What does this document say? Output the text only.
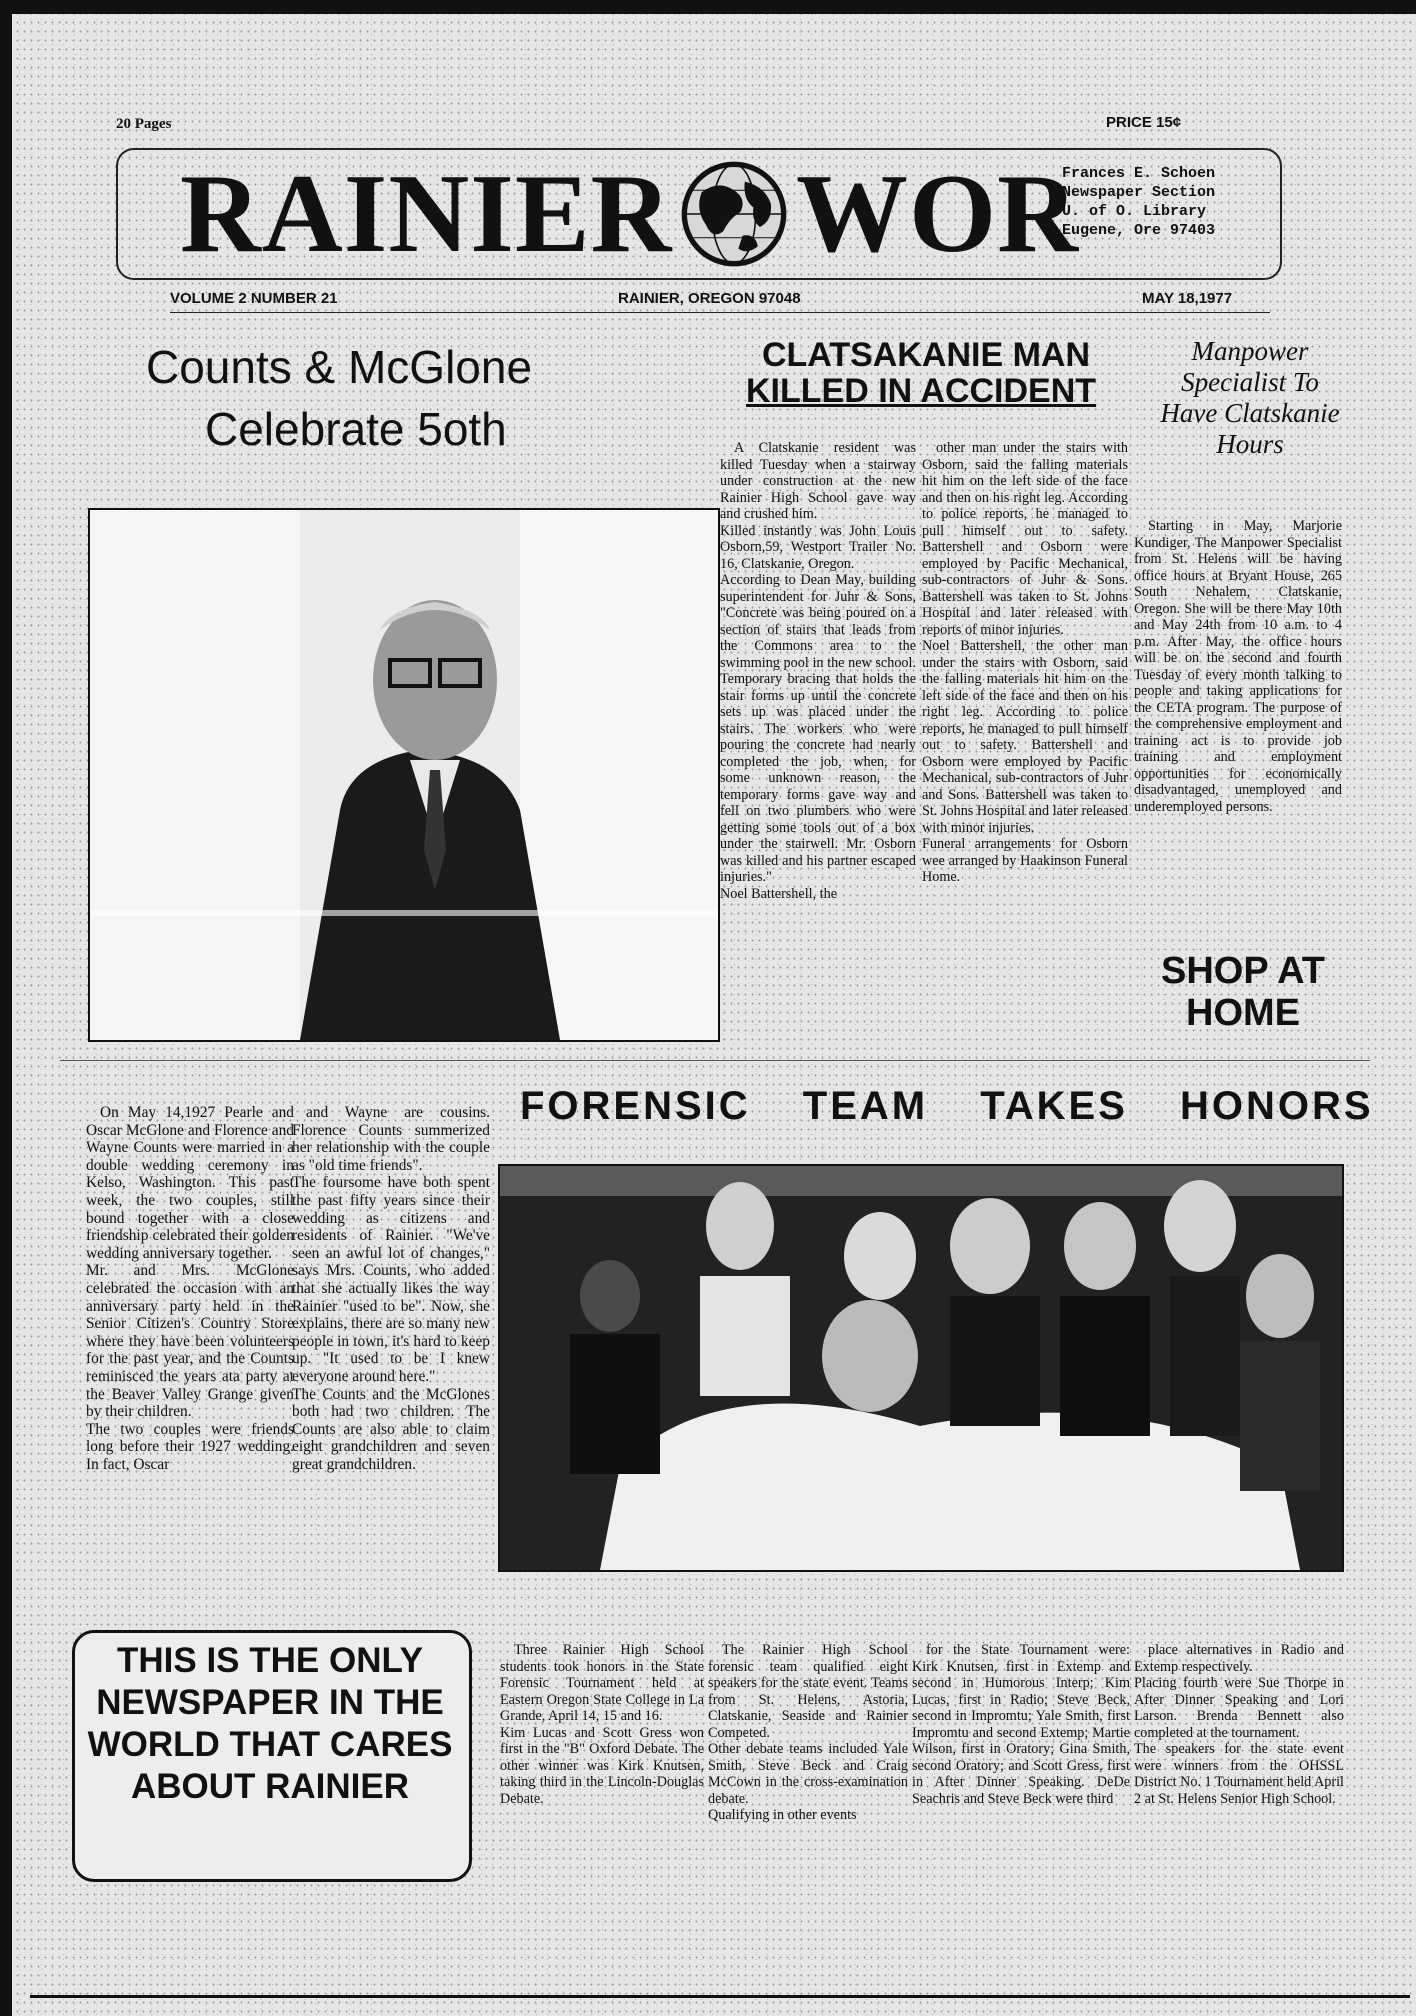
20 Pages	PRICE 15¢
RAINIER WOR
Frances E. Schoen
Newspaper Section
U. of O. Library
Eugene, Ore 97403
VOLUME 2 NUMBER 21	RAINIER, OREGON 97048	MAY 18,1977
Counts & McGlone
Celebrate 5oth

On May 14,1927 Pearle and Oscar McGlone and Florence and Wayne Counts were married in a double wedding ceremony in Kelso, Washington. This past week, the two couples, still bound together with a close friendship celebrated their golden wedding anniversary together.
Mr. and Mrs. McGlone celebrated the occasion with an anniversary party held in the Senior Citizen's Country Store where they have been volunteers for the past year, and the Counts reminisced the years ata party at the Beaver Valley Grange given by their children.
The two couples were friends long before their 1927 wedding. In fact, Oscar

and Wayne are cousins. Florence Counts summerized her relationship with the couple as "old time friends".
The foursome have both spent the past fifty years since their wedding as citizens and residents of Rainier. "We've seen an awful lot of changes," says Mrs. Counts, who added that she actually likes the way Rainier "used to be". Now, she explains, there are so many new people in town, it's hard to keep up. "It used to be I knew everyone around here."
The Counts and the McGlones both had two children. The Counts are also able to claim eight grandchildren and seven great grandchildren.

CLATSAKANIE MAN
KILLED IN ACCIDENT

A Clatskanie resident was killed Tuesday when a stairway under construction at the new Rainier High School gave way and crushed him.
Killed instantly was John Louis Osborn,59, Westport Trailer No. 16, Clatskanie, Oregon.
According to Dean May, building superintendent for Juhr & Sons, "Concrete was being poured on a section of stairs that leads from the Commons area to the swimming pool in the new school. Temporary bracing that holds the stair forms up until the concrete sets up was placed under the stairs. The workers who were pouring the concrete had nearly completed the job, when, for some unknown reason, the temporary forms gave way and fell on two plumbers who were getting some tools out of a box under the stairwell. Mr. Osborn was killed and his partner escaped injuries."
Noel Battershell, the

other man under the stairs with Osborn, said the falling materials hit him on the left side of the face and then on his right leg. According to police reports, he managed to pull himself out to safety. Battershell and Osborn were employed by Pacific Mechanical, sub-contractors of Juhr & Sons. Battershell was taken to St. Johns Hospital and later released with reports of minor injuries.
Noel Battershell, the other man under the stairs with Osborn, said the falling materials hit him on the left side of the face and then on his right leg. According to police reports, he managed to pull himself out to safety. Battershell and Osborn were employed by Pacific Mechanical, sub-contractors of Juhr and Sons. Battershell was taken to St. Johns Hospital and later released with minor injuries.
Funeral arrangements for Osborn wee arranged by Haakinson Funeral Home.

Manpower Specialist To Have Clatskanie Hours

Starting in May, Marjorie Kundiger, The Manpower Specialist from St. Helens will be having office hours at Bryant House, 265 South Nehalem, Clatskanie, Oregon. She will be there May 10th and May 24th from 10 a.m. to 4 p.m. After May, the office hours will be on the second and fourth Tuesday of every month talking to people and taking applications for the CETA program. The purpose of the comprehensive employment and training act is to provide job training and employment opportunities for economically disadvantaged, unemployed and underemployed persons.

SHOP AT HOME
FORENSIC TEAM TAKES HONORS
THIS IS THE ONLY NEWSPAPER IN THE WORLD THAT CARES ABOUT RAINIER

Three Rainier High School students took honors in the State Forensic Tournament held at Eastern Oregon State College in La Grande, April 14, 15 and 16.
Kim Lucas and Scott Gress won first in the "B" Oxford Debate. The other winner was Kirk Knutsen, taking third in the Lincoln-Douglas Debate.

The Rainier High School forensic team qualified eight speakers for the state event. Teams from St. Helens, Astoria, Clatskanie, Seaside and Rainier Competed.
Other debate teams included Yale Smith, Steve Beck and Craig McCown in the cross-examination debate.
Qualifying in other events

for the State Tournament were: Kirk Knutsen, first in Extemp and second in Humorous Interp; Kim Lucas, first in Radio; Steve Beck, second in Impromtu; Yale Smith, first Impromtu and second Extemp; Martie Wilson, first in Oratory; Gina Smith, second Oratory; and Scott Gress, first in After Dinner Speaking. DeDe Seachris and Steve Beck were third

place alternatives in Radio and Extemp respectively.
Placing fourth were Sue Thorpe in After Dinner Speaking and Lori Larson. Brenda Bennett also completed at the tournament.
The speakers for the state event were winners from the OHSSL District No. 1 Tournament held April 2 at St. Helens Senior High School.
